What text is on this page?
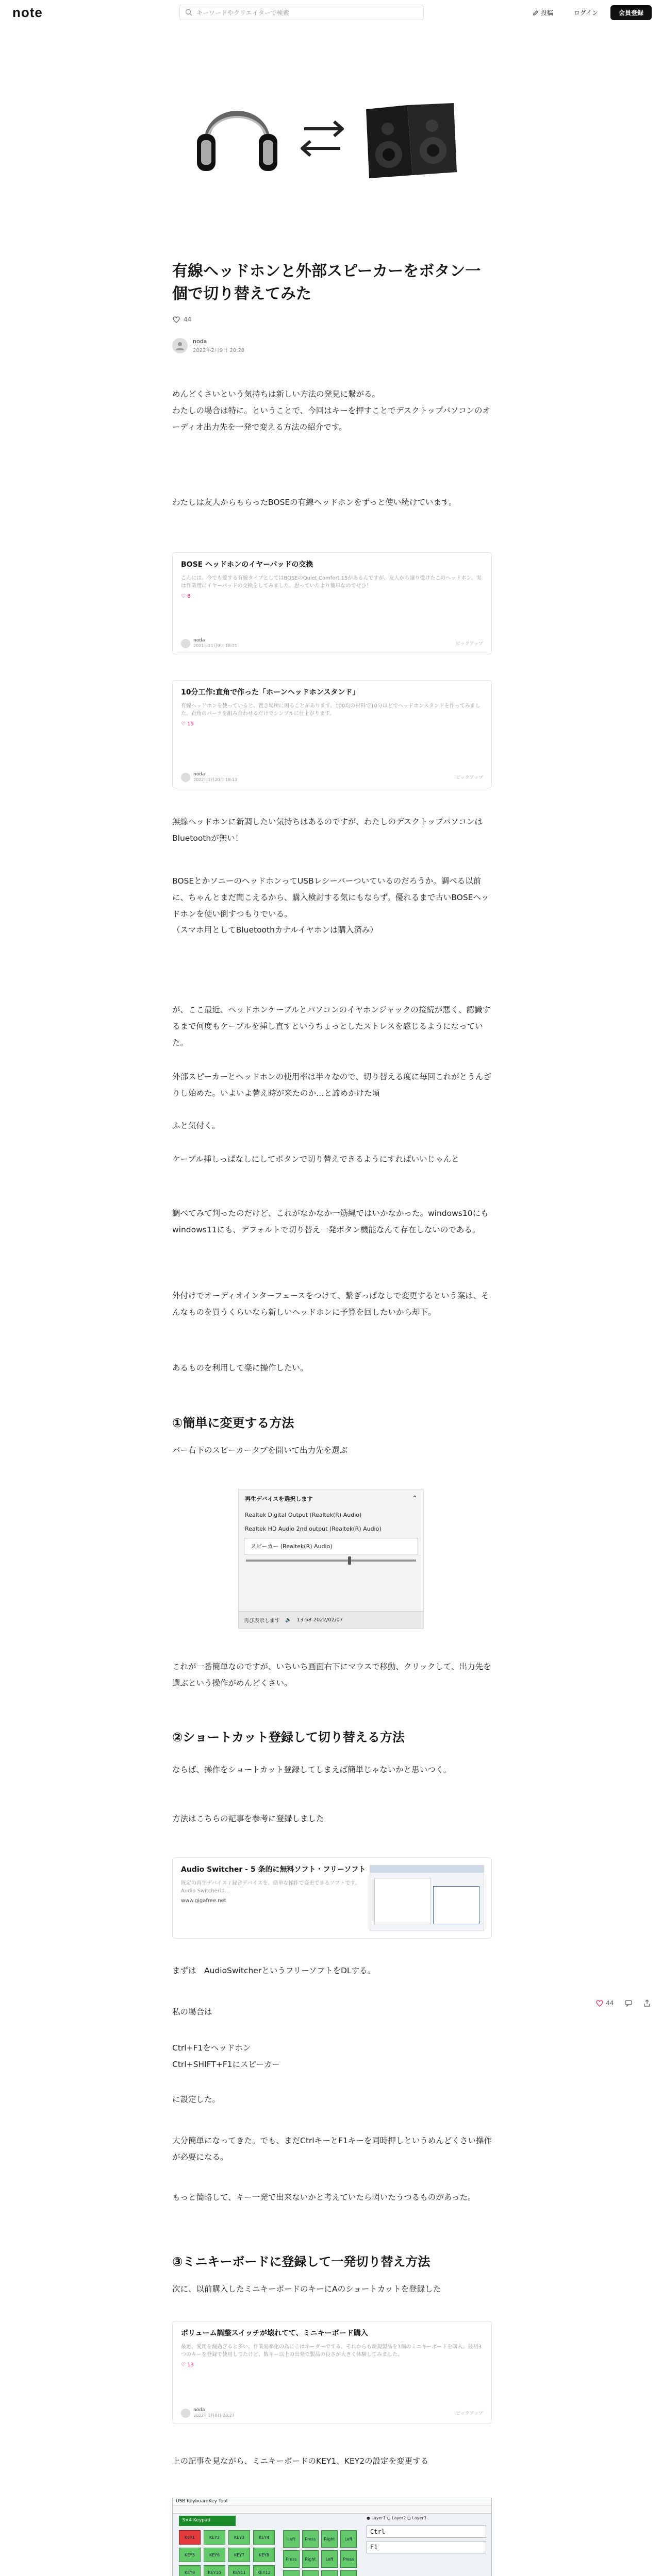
note	キーワードやクリエイターで検索	投稿	ログイン	会員登録
有線ヘッドホンと外部スピーカーをボタン一個で切り替えてみた
44
noda
2022年2月9日 20:28
めんどくさいという気持ちは新しい方法の発見に繋がる。
わたしの場合は特に。ということで、今回はキーを押すことでデスクトップパソコンのオーディオ出力先を一発で変える方法の紹介です。
わたしは友人からもらったBOSEの有線ヘッドホンをずっと使い続けています。
BOSE ヘッドホンのイヤーパッドの交換
こんには。今でも愛する有線タイプとしてはBOSEのQuiet Comfort 15があるんですが、友人から譲り受けたこのヘッドホン。実は作業用にイヤーパッドの交換をしてみました。思っていたより簡単なのでぜひ！
♡ 8
noda
2021年11月9日 18:21	ピックアップ
10分工作:直角で作った「ホーンヘッドホンスタンド」
有線ヘッドホンを使っていると、置き場所に困ることがあります。100均の材料で10分ほどでヘッドホンスタンドを作ってみました。直角のパーツを組み合わせるだけでシンプルに仕上がります。
♡ 15
noda
2022年1月20日 18:13	ピックアップ
無線ヘッドホンに新調したい気持ちはあるのですが、わたしのデスクトップパソコンはBluetoothが無い！
BOSEとかソニーのヘッドホンってUSBレシーバーついているのだろうか。調べる以前に、ちゃんとまだ聞こえるから、購入検討する気にもならず。優れるまで古いBOSEヘッドホンを使い倒すつもりでいる。
（スマホ用としてBluetoothカナルイヤホンは購入済み）
が、ここ最近、ヘッドホンケーブルとパソコンのイヤホンジャックの接続が悪く、認識するまで何度もケーブルを挿し直すというちょっとしたストレスを感じるようになっていた。
外部スピーカーとヘッドホンの使用率は半々なので、切り替える度に毎回これがとうんざりし始めた。いよいよ替え時が来たのか…と諦めかけた頃
ふと気付く。
ケーブル挿しっぱなしにしてボタンで切り替えできるようにすればいいじゃんと
調べてみて判ったのだけど、これがなかなか一筋縄ではいかなかった。windows10にもwindows11にも、デフォルトで切り替え一発ボタン機能なんて存在しないのである。
外付けでオーディオインターフェースをつけて、繋ぎっぱなしで変更するという案は、そんなものを買うくらいなら新しいヘッドホンに予算を回したいから却下。
あるものを利用して楽に操作したい。
①簡単に変更する方法
バー右下のスピーカータブを開いて出力先を選ぶ
再生デバイスを選択します	⌃
Realtek Digital Output (Realtek(R) Audio)
Realtek HD Audio 2nd output (Realtek(R) Audio)
スピーカー (Realtek(R) Audio)
再び表示します 🔈 13:58 2022/02/07
これが一番簡単なのですが、いちいち画面右下にマウスで移動、クリックして、出力先を選ぶという操作がめんどくさい。
②ショートカット登録して切り替える方法
ならば、操作をショートカット登録してしまえば簡単じゃないかと思いつく。
方法はこちらの記事を参考に登録しました
Audio Switcher - 5 条的に無料ソフト・フリーソフト
既定の再生デバイス / 録音デバイスを、簡単な操作で変更できるソフトです。Audio Switcherは…
www.gigafree.net
まずは　AudioSwitcherというフリーソフトをDLする。
私の場合は
Ctrl+F1をヘッドホン
Ctrl+SHIFT+F1にスピーカー
に設定した。
大分簡単になってきた。でも、まだCtrlキーとF1キーを同時押しというめんどくさい操作が必要になる。
もっと簡略して、キー一発で出来ないかと考えていたら閃いたうつるものがあった。
44
③ミニキーボードに登録して一発切り替え方法
次に、以前購入したミニキーボードのキーにAのショートカットを登録した
ボリューム調整スイッチが壊れてて、ミニキーボード購入
最近、愛用を漏過ぎると多い、作業効率化の為にこはネーダーでする。それからも新規製品を1個のミニキーボードを購入。最初3つのキーを登録で使用してたけど、数キー以上の出発で製品の良さが大きく体験してみました。
♡ 13
noda
2022年1月8日 20:27	ピックアップ
上の記事を見ながら、ミニキーボードのKEY1、KEY2の設定を変更する
USB KeyboardKey Tool
3×4 Keypad
KEY1	KEY2	KEY3	KEY4
KEY5	KEY6	KEY7	KEY8
KEY9	KEY10	KEY11	KEY12
Left	Press	Right	Left
Press	Right	Left	Press
● Layer1 ○ Layer2 ○ Layer3
Ctrl
F1
